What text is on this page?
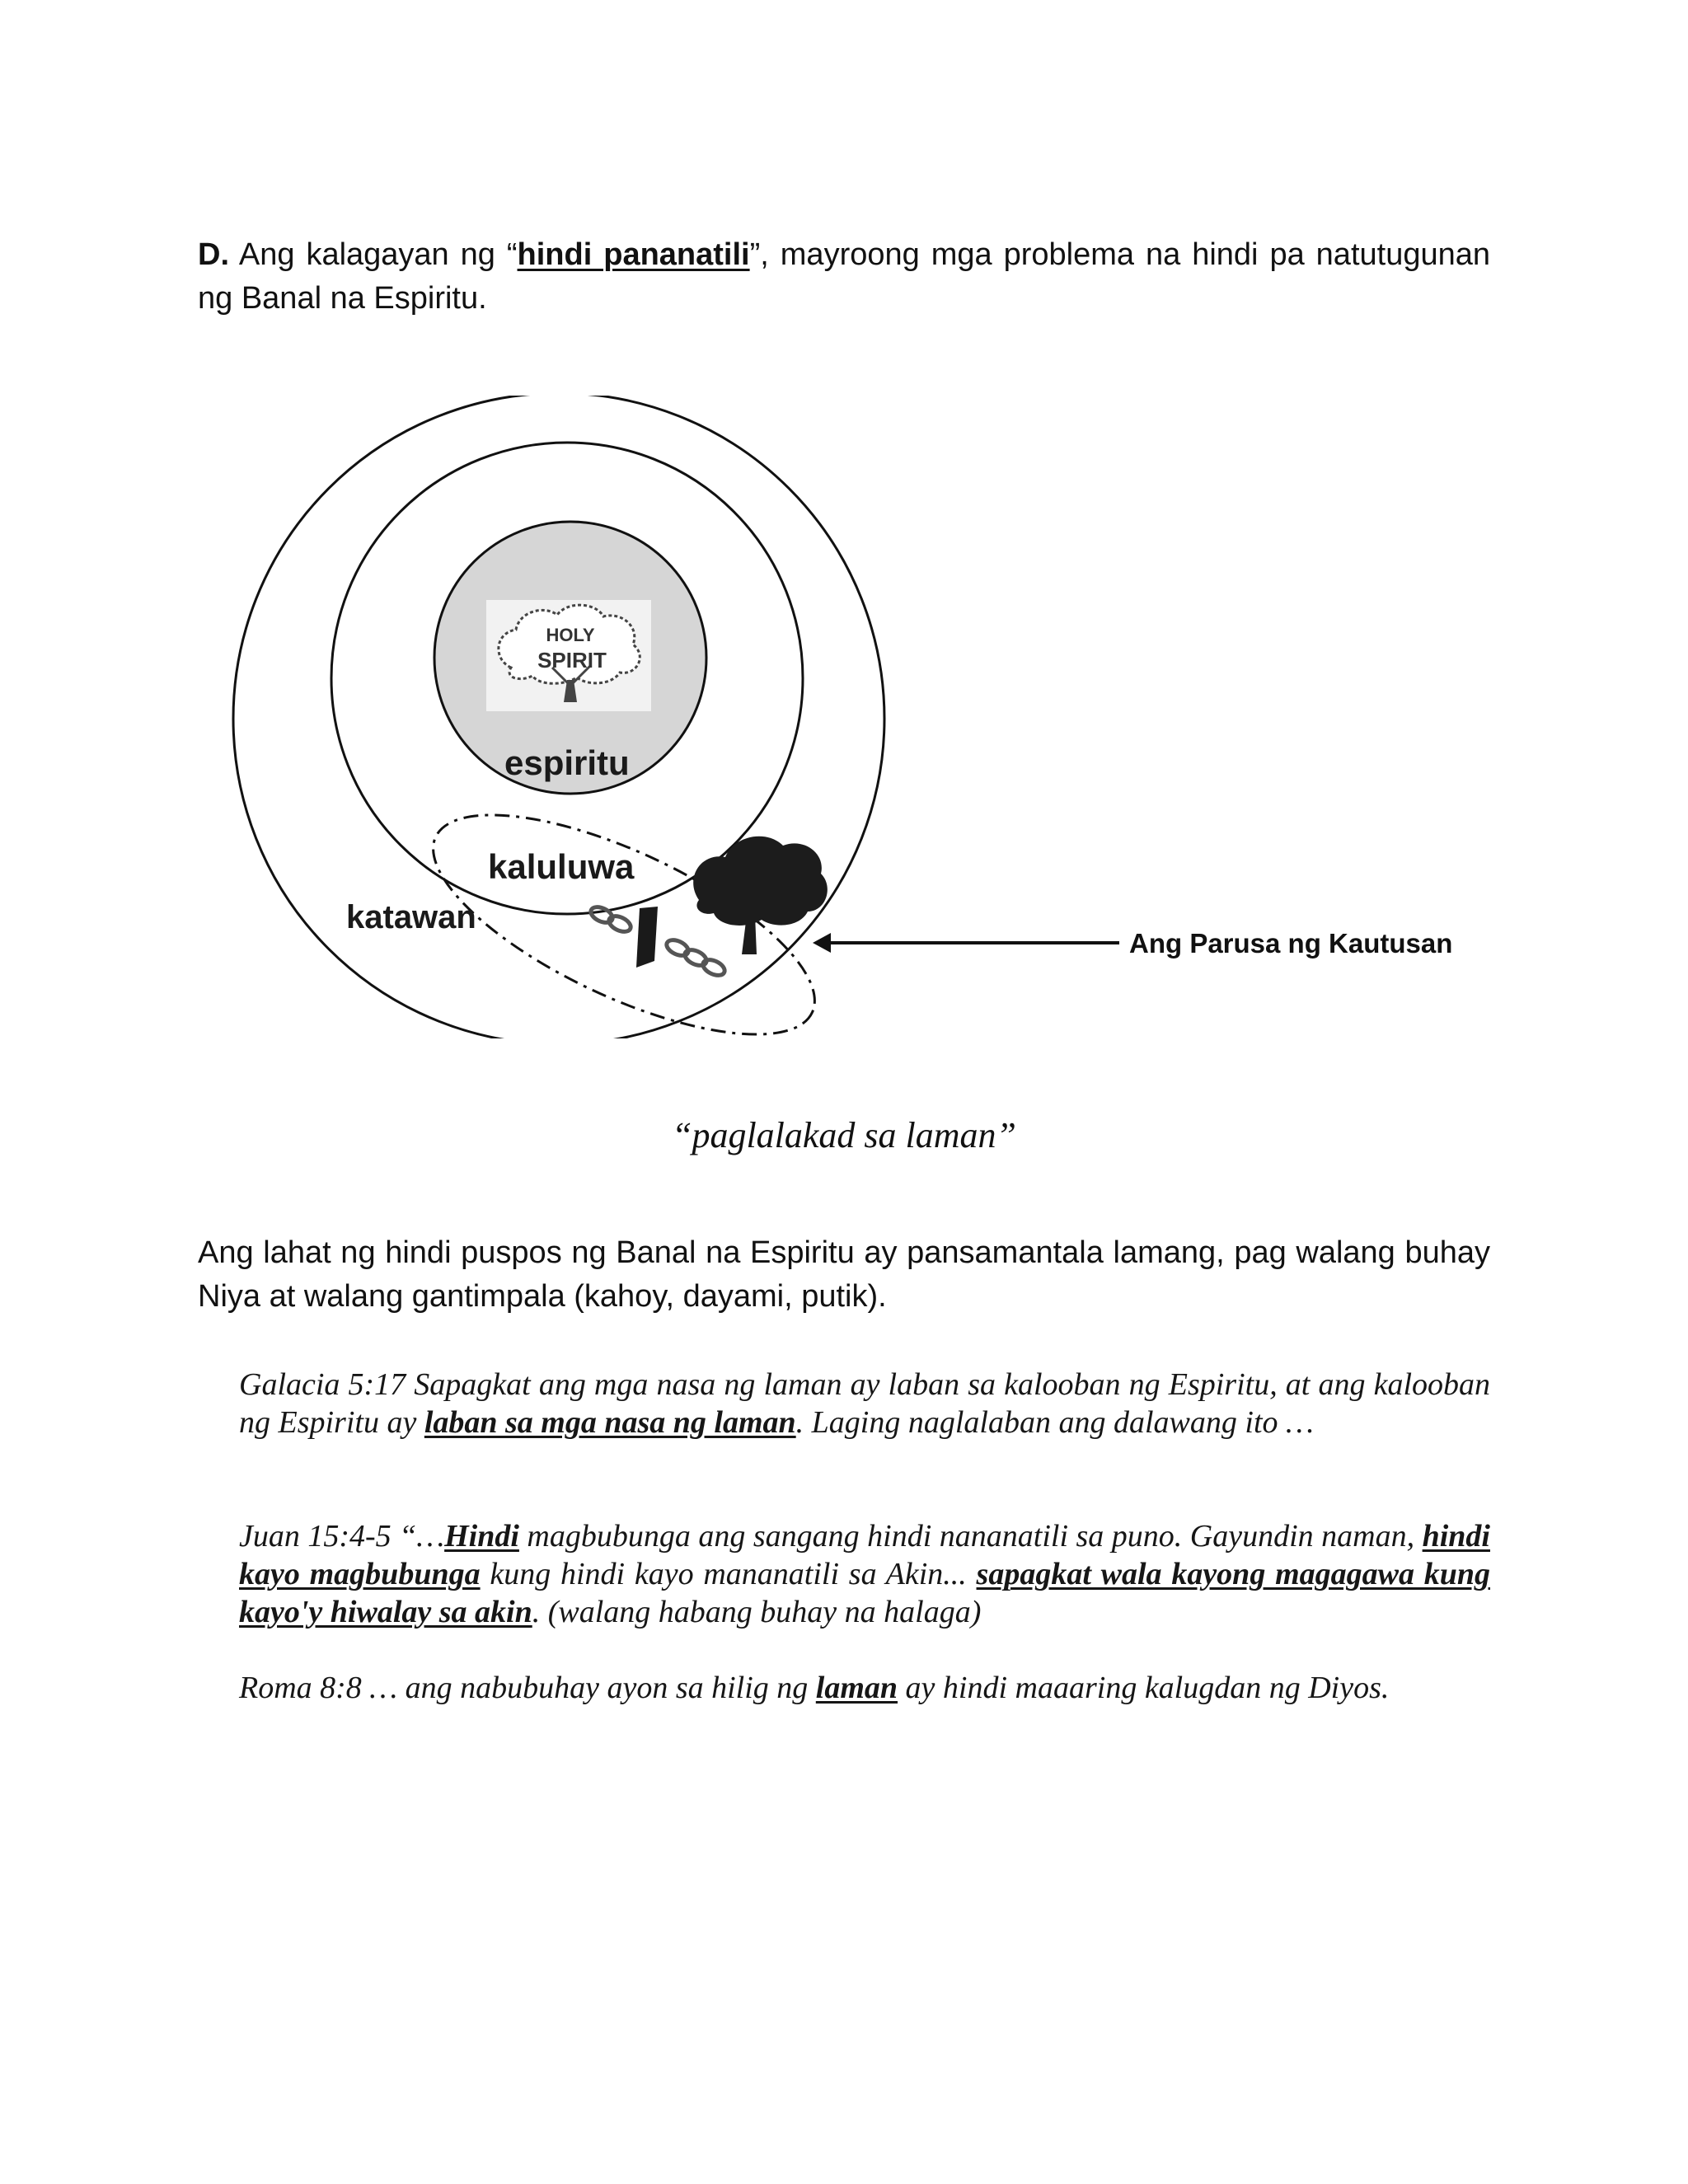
D. Ang kalagayan ng “hindi pananatili”, mayroong mga problema na hindi pa natutugunan ng Banal na Espiritu.

HOLY
SPIRIT
espiritu
kaluluwa
katawan
Ang Parusa ng Kautusan

“paglalakad sa laman”

Ang lahat ng hindi puspos ng Banal na Espiritu ay pansamantala lamang, pag walang buhay Niya at walang gantimpala (kahoy, dayami, putik).

Galacia 5:17 Sapagkat ang mga nasa ng laman ay laban sa kalooban ng Espiritu, at ang kalooban ng Espiritu ay laban sa mga nasa ng laman. Laging naglalaban ang dalawang ito …

Juan 15:4-5 “…Hindi magbubunga ang sangang hindi nananatili sa puno. Gayundin naman, hindi kayo magbubunga kung hindi kayo mananatili sa Akin... sapagkat wala kayong magagawa kung kayo'y hiwalay sa akin. (walang habang buhay na halaga)

Roma 8:8 … ang nabubuhay ayon sa hilig ng laman ay hindi maaaring kalugdan ng Diyos.
